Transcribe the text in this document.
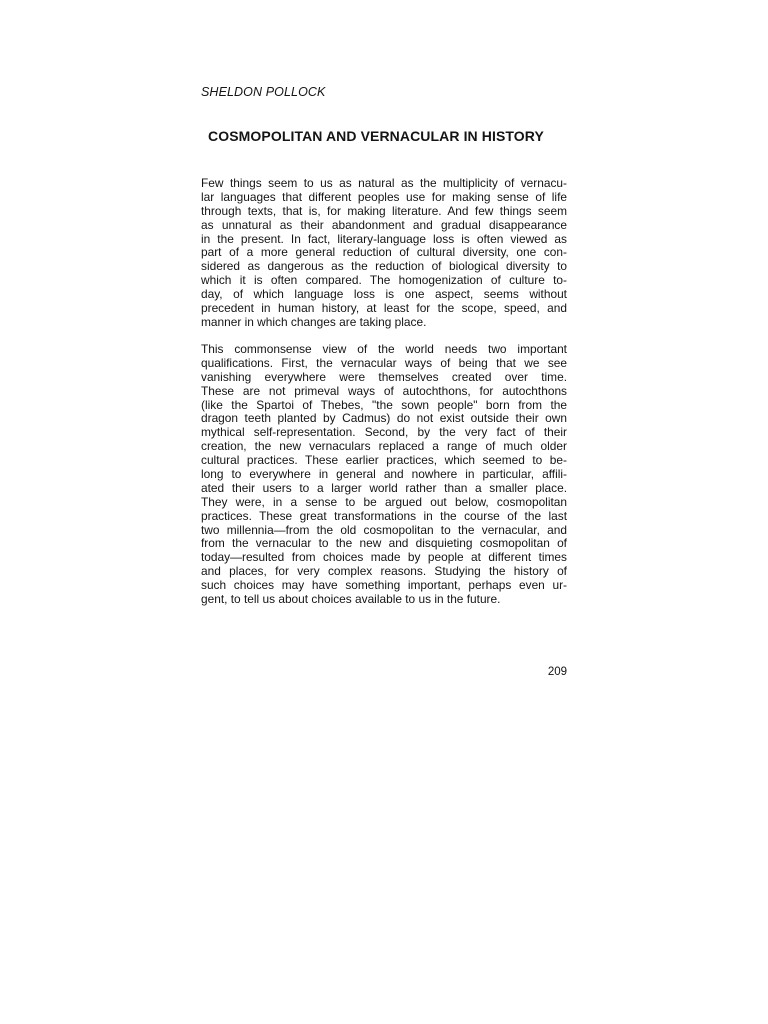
SHELDON POLLOCK
COSMOPOLITAN AND VERNACULAR IN HISTORY

Few things seem to us as natural as the multiplicity of vernacu-
lar languages that different peoples use for making sense of life
through texts, that is, for making literature. And few things seem
as unnatural as their abandonment and gradual disappearance
in the present. In fact, literary-language loss is often viewed as
part of a more general reduction of cultural diversity, one con-
sidered as dangerous as the reduction of biological diversity to
which it is often compared. The homogenization of culture to-
day, of which language loss is one aspect, seems without
precedent in human history, at least for the scope, speed, and
manner in which changes are taking place.

This commonsense view of the world needs two important
qualifications. First, the vernacular ways of being that we see
vanishing everywhere were themselves created over time.
These are not primeval ways of autochthons, for autochthons
(like the Spartoi of Thebes, "the sown people" born from the
dragon teeth planted by Cadmus) do not exist outside their own
mythical self-representation. Second, by the very fact of their
creation, the new vernaculars replaced a range of much older
cultural practices. These earlier practices, which seemed to be-
long to everywhere in general and nowhere in particular, affili-
ated their users to a larger world rather than a smaller place.
They were, in a sense to be argued out below, cosmopolitan
practices. These great transformations in the course of the last
two millennia—from the old cosmopolitan to the vernacular, and
from the vernacular to the new and disquieting cosmopolitan of
today—resulted from choices made by people at different times
and places, for very complex reasons. Studying the history of
such choices may have something important, perhaps even ur-
gent, to tell us about choices available to us in the future.

209
